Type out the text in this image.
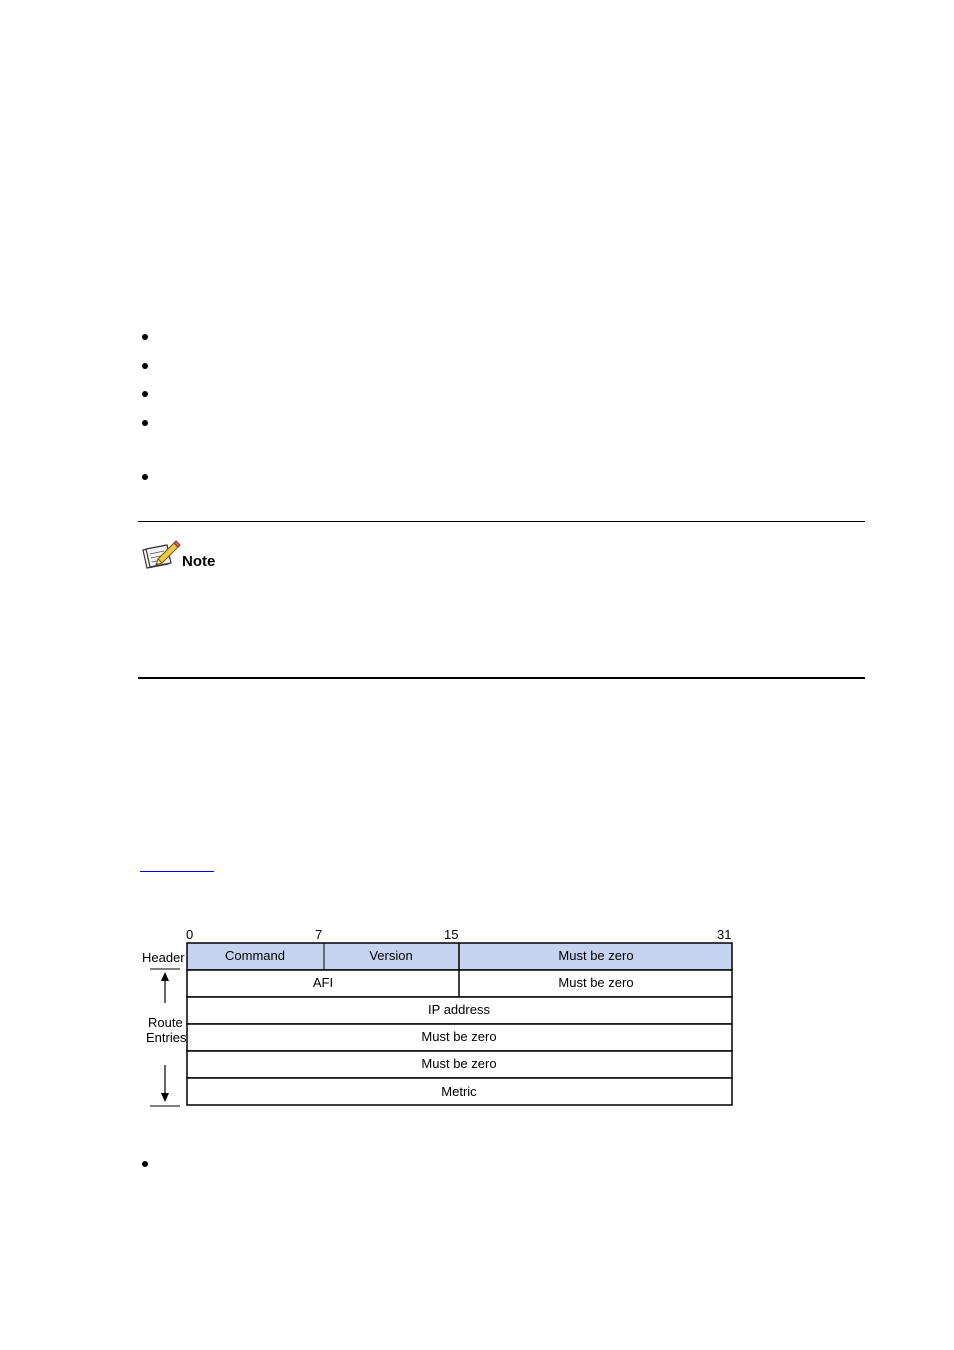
Note
0	7	15	31
Command	Version	Must be zero
AFI	Must be zero
IP address
Must be zero
Must be zero
Metric
Header
Route
Entries
